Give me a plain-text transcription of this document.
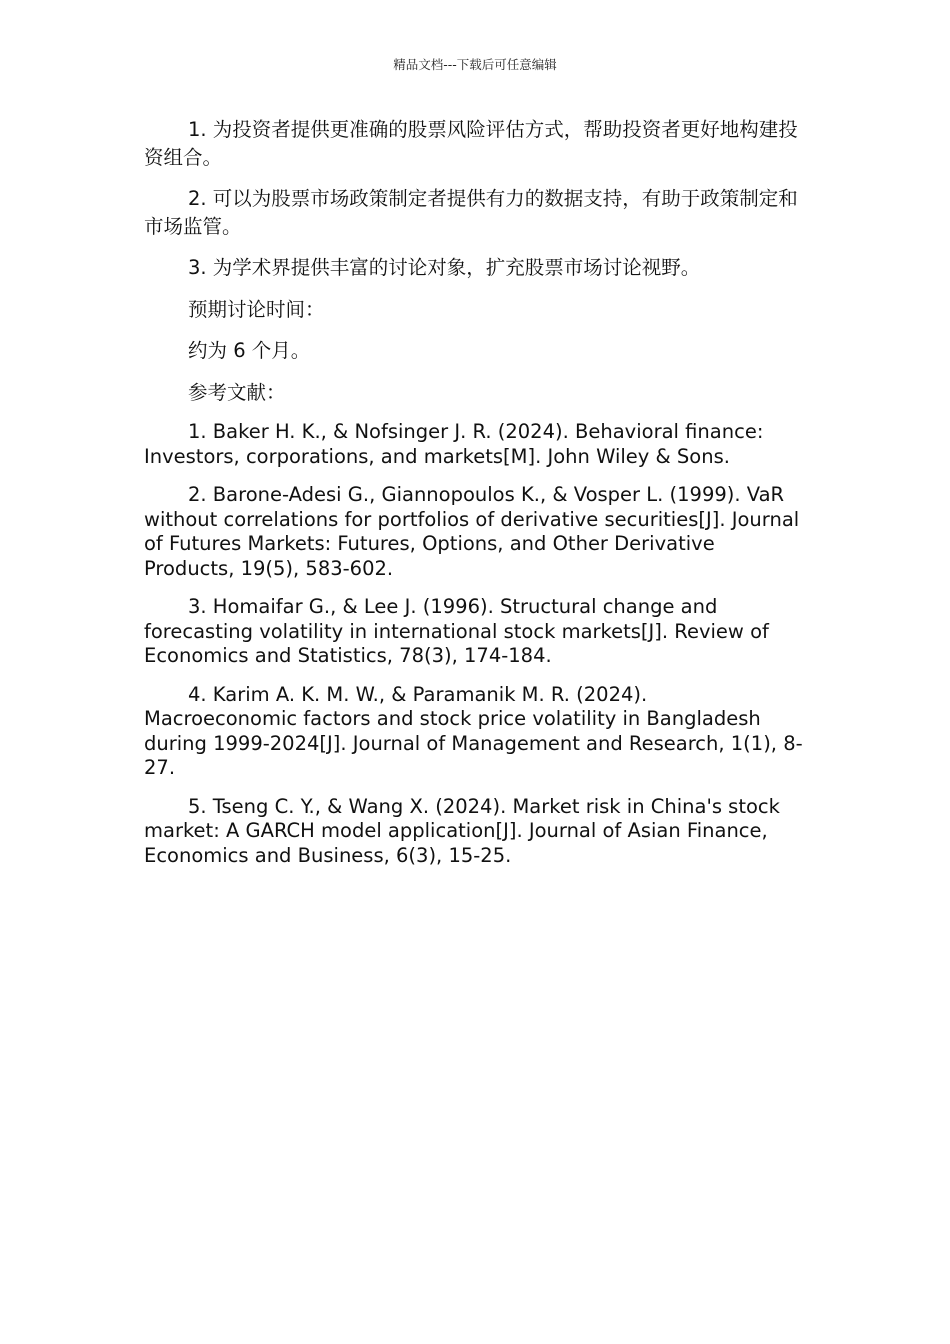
精品文档---下载后可任意编辑

1. 为投资者提供更准确的股票风险评估方式，帮助投资者更好地构建投资组合。

2. 可以为股票市场政策制定者提供有力的数据支持，有助于政策制定和市场监管。

3. 为学术界提供丰富的讨论对象，扩充股票市场讨论视野。

预期讨论时间：

约为 6 个月。

参考文献：

1. Baker H. K., & Nofsinger J. R. (2024). Behavioral finance: Investors, corporations, and markets[M]. John Wiley & Sons.

2. Barone-Adesi G., Giannopoulos K., & Vosper L. (1999). VaR without correlations for portfolios of derivative securities[J]. Journal of Futures Markets: Futures, Options, and Other Derivative Products, 19(5), 583-602.

3. Homaifar G., & Lee J. (1996). Structural change and forecasting volatility in international stock markets[J]. Review of Economics and Statistics, 78(3), 174-184.

4. Karim A. K. M. W., & Paramanik M. R. (2024). Macroeconomic factors and stock price volatility in Bangladesh during 1999-2024[J]. Journal of Management and Research, 1(1), 8-27.

5. Tseng C. Y., & Wang X. (2024). Market risk in China's stock market: A GARCH model application[J]. Journal of Asian Finance, Economics and Business, 6(3), 15-25.
